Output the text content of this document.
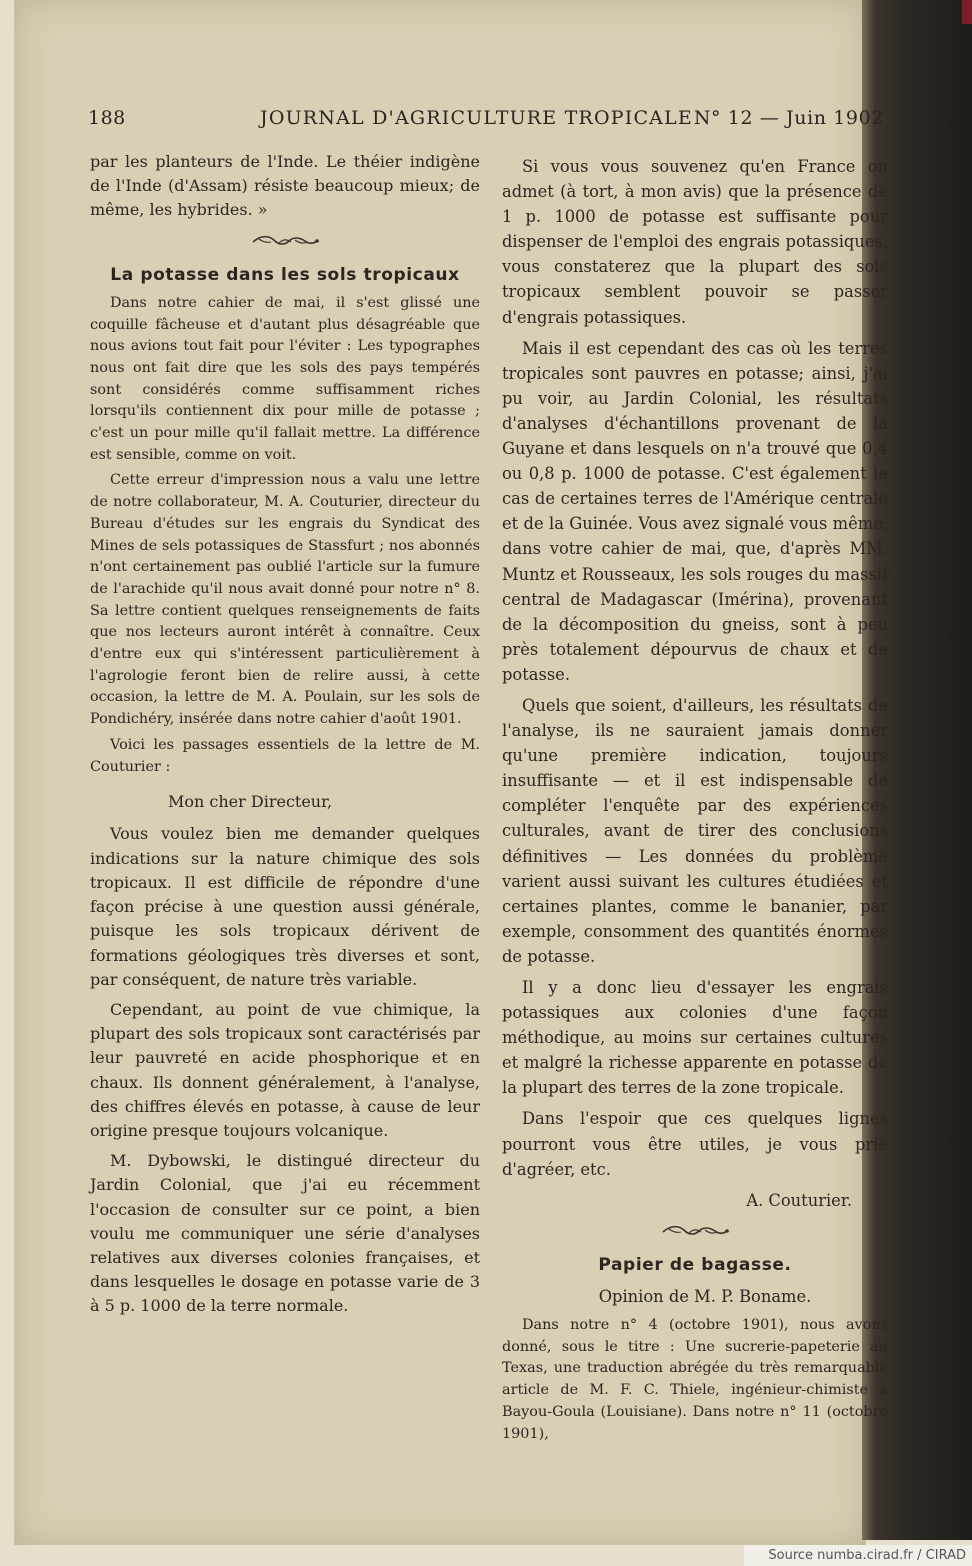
188	JOURNAL D'AGRICULTURE TROPICALE N° 12 — Juin 1902

par les planteurs de l'Inde. Le théier indigène de l'Inde (d'Assam) résiste beaucoup mieux; de même, les hybrides. »

La potasse dans les sols tropicaux

Dans notre cahier de mai, il s'est glissé une coquille fâcheuse et d'autant plus désagréable que nous avions tout fait pour l'éviter : Les typographes nous ont fait dire que les sols des pays tempérés sont considérés comme suffisamment riches lorsqu'ils contiennent dix pour mille de potasse ; c'est un pour mille qu'il fallait mettre. La différence est sensible, comme on voit.

Cette erreur d'impression nous a valu une lettre de notre collaborateur, M. A. Couturier, directeur du Bureau d'études sur les engrais du Syndicat des Mines de sels potassiques de Stassfurt ; nos abonnés n'ont certainement pas oublié l'article sur la fumure de l'arachide qu'il nous avait donné pour notre n° 8. Sa lettre contient quelques renseignements de faits que nos lecteurs auront intérêt à connaître. Ceux d'entre eux qui s'intéressent particulièrement à l'agrologie feront bien de relire aussi, à cette occasion, la lettre de M. A. Poulain, sur les sols de Pondichéry, insérée dans notre cahier d'août 1901.

Voici les passages essentiels de la lettre de M. Couturier :

Mon cher Directeur,

Vous voulez bien me demander quelques indications sur la nature chimique des sols tropicaux. Il est difficile de répondre d'une façon précise à une question aussi générale, puisque les sols tropicaux dérivent de formations géologiques très diverses et sont, par conséquent, de nature très variable.

Cependant, au point de vue chimique, la plupart des sols tropicaux sont caractérisés par leur pauvreté en acide phosphorique et en chaux. Ils donnent généralement, à l'analyse, des chiffres élevés en potasse, à cause de leur origine presque toujours volcanique.

M. Dybowski, le distingué directeur du Jardin Colonial, que j'ai eu récemment l'occasion de consulter sur ce point, a bien voulu me communiquer une série d'analyses relatives aux diverses colonies françaises, et dans lesquelles le dosage en potasse varie de 3 à 5 p. 1000 de la terre normale.

Si vous vous souvenez qu'en France on admet (à tort, à mon avis) que la présence de 1 p. 1000 de potasse est suffisante pour dispenser de l'emploi des engrais potassiques, vous constaterez que la plupart des sols tropicaux semblent pouvoir se passer d'engrais potassiques.

Mais il est cependant des cas où les terres tropicales sont pauvres en potasse; ainsi, j'ai pu voir, au Jardin Colonial, les résultats d'analyses d'échantillons provenant de la Guyane et dans lesquels on n'a trouvé que 0,4 ou 0,8 p. 1000 de potasse. C'est également le cas de certaines terres de l'Amérique centrale et de la Guinée. Vous avez signalé vous même, dans votre cahier de mai, que, d'après MM. Muntz et Rousseaux, les sols rouges du massif central de Madagascar (Imérina), provenant de la décomposition du gneiss, sont à peu près totalement dépourvus de chaux et de potasse.

Quels que soient, d'ailleurs, les résultats de l'analyse, ils ne sauraient jamais donner qu'une première indication, toujours insuffisante — et il est indispensable de compléter l'enquête par des expériences culturales, avant de tirer des conclusions définitives — Les données du problème varient aussi suivant les cultures étudiées et certaines plantes, comme le bananier, par exemple, consomment des quantités énormes de potasse.

Il y a donc lieu d'essayer les engrais potassiques aux colonies d'une façon méthodique, au moins sur certaines cultures et malgré la richesse apparente en potasse de la plupart des terres de la zone tropicale.

Dans l'espoir que ces quelques lignes pourront vous être utiles, je vous prie d'agréer, etc.

A. Couturier.

Papier de bagasse.

Opinion de M. P. Boname.

Dans notre n° 4 (octobre 1901), nous avons donné, sous le titre : Une sucrerie-papeterie au Texas, une traduction abrégée du très remarquable article de M. F. C. Thiele, ingénieur-chimiste à Bayou-Goula (Louisiane). Dans notre n° 11 (octobre 1901),

Source numba.cirad.fr / CIRAD
